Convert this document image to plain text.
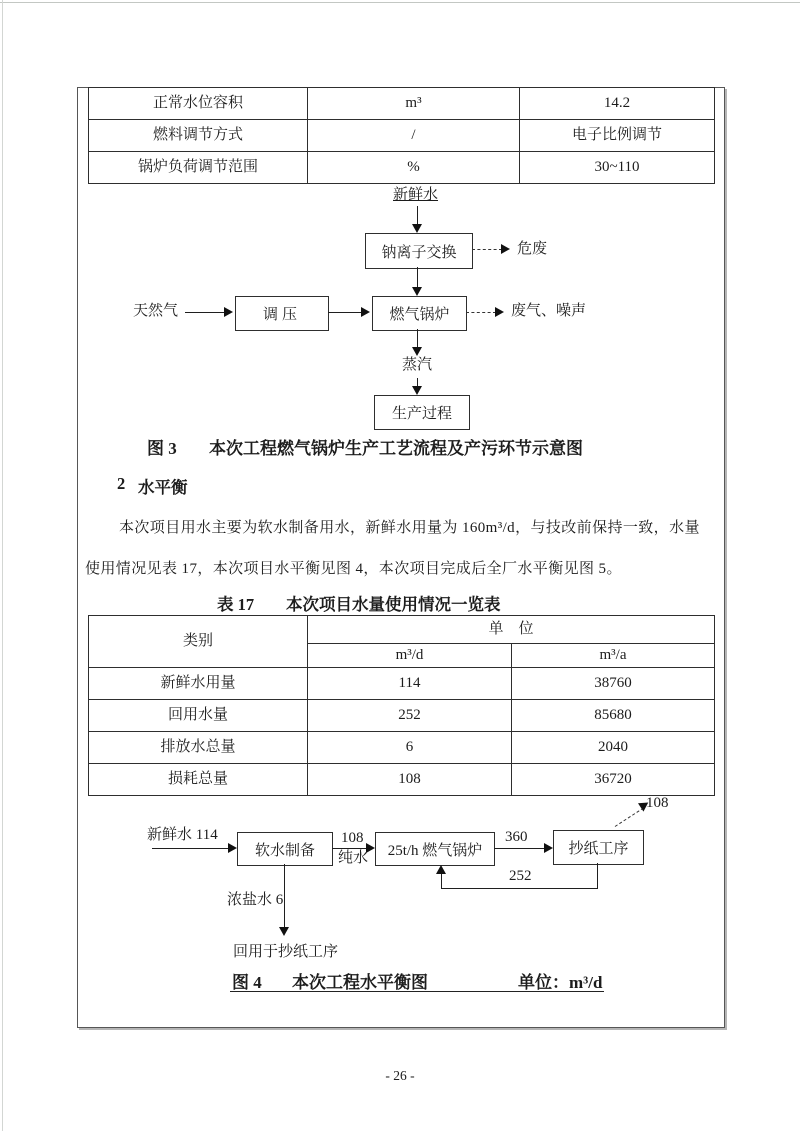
正常水位容积	m³	14.2
燃料调节方式	/	电子比例调节
锅炉负荷调节范围	%	30~110
新鲜水
钠离子交换	危废
天然气	调压	燃气锅炉	废气、噪声
蒸汽
生产过程
图 3 本次工程燃气锅炉生产工艺流程及产污环节示意图
2 水平衡
本次项目用水主要为软水制备用水，新鲜水用量为 160m³/d，与技改前保持一致，水量
使用情况见表 17，本次项目水平衡见图 4，本次项目完成后全厂水平衡见图 5。
表 17 本次项目水量使用情况一览表
类别	单　位	
	m³/d	m³/a
新鲜水用量	114	38760
回用水量	252	85680
排放水总量	6	2040
损耗总量	108	36720
108
新鲜水 114
软水制备
108
纯水	25t/h 燃气锅炉
360
抄纸工序
252
浓盐水 6
回用于抄纸工序
图 4 本次工程水平衡图	单位：m³/d
- 26 -
